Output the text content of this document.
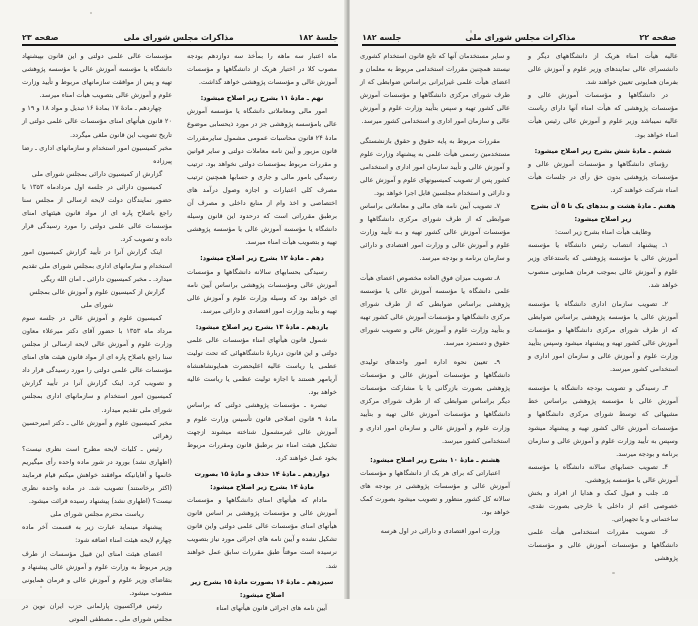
جلسهٔ ۱۸۲
مذاکرات مجلس شورای ملی
صفحه ۲۳

ماه اعتبار سه ماهه را بمأخذ سه دوازدهم بودجه مصوب کلا در اختیار هریک از دانشگاهها و مؤسسات آموزش عالی و مؤسسات پژوهشی خواهد گذاشت.

نهم ـ مادهٔ ۱۱ بشرح زیر اصلاح میشود:

امور مالی ومعاملاتی دانشگاه یا مؤسسه آموزش عالی یامؤسسه پژوهشی جز در مورد ذیحسابی موضوع مادهٔ ۲۴ قانون محاسبات عمومی مشمول سایرمقررات قانون مزبور و آیین نامه معاملات دولتی و سایر قوانین و مقررات مربوط بمؤسسات دولتی نخواهد بود. ترتیب رسیدگی بامور مالی و جاری و حسابها همچنین ترتیب مصرف کلی اعتبارات و اجازه وصول درآمد های اختصاصی و اخذ وام از منابع داخلی و مصرف آن برطبق مقرراتی است که درحدود این قانون وسیله دانشگاه یا مؤسسه آموزش عالی یا مؤسسه پژوهشی تهیه و بتصویب هیأت امناء میرسد.

دهم ـ مادهٔ ۱۲ بشرح زیر اصلاح میشود:

رسیدگی بحسابهای سالانه دانشگاهها و مؤسسات آموزش عالی ومؤسسات پژوهشی براساس آیین نامه ای خواهد بود که وسیله وزارت علوم و آموزش عالی تهیه و بتأیید وزارت امور اقتصادی و دارائی میرسد.

یازدهم ـ مادهٔ ۱۳ بشرح زیر اصلاح میشود:

شمول قانون هیأتهای امناء مؤسسات عالی علمی دولتی و این قانون دربارهٔ دانشگاههائی که تحت تولیت عظمی یا ریاست عالیه اعلیحضرت همایونشاهنشاه آریامهر هستند با اجازه تولیت عظمی یا ریاست عالیه خواهد بود.

تبصره ـ مؤسسات پژوهشی دولتی که براساس مادهٔ ۹ قانون اصلاحی قانون تأسیس وزارت علوم و آموزش عالی غیرمشمول شناخته میشوند ازجهت تشکیل هیئت امناء نیز برطبق قانون ومقررات مربوط بخود عمل خواهند کرد.

دوازدهم ـ مادهٔ ۱۴ حذف و مادهٔ ۱۵ بصورت مادهٔ ۱۴ بشرح زیر اصلاح میشود:

مادام که هیأتهای امنای دانشگاهها و مؤسسات آموزش عالی و مؤسسات پژوهشی بر اساس قانون هیأتهای امنای مؤسسات عالی علمی دولتی واین قانون تشکیل نشده و آیین نامه های اجرائی مورد نیاز بتصویب نرسیده است موقتاً طبق مقررات سابق عمل خواهند شد.

سیزدهم ـ مادهٔ ۱۶ بصورت مادهٔ ۱۵ بشرح زیر اصلاح میشود:

آیین نامه های اجرائی قانون هیأتهای امناء

مؤسسات عالی علمی دولتی و این قانون بپیشنهاد دانشگاه یا مؤسسه آموزش عالی یا مؤسسه پژوهشی تهیه و پس از موافقت سازمانهای مربوط و تأیید وزارت علوم و آموزش عالی بتصویب هیأت امناء میرسد.

چهاردهم ـ مادهٔ ۱۷ بمادهٔ ۱۶ تبدیل و مواد ۱۸ و ۱۹ و ۲۰ قانون هیأتهای امنای مؤسسات عالی علمی دولتی از تاریخ تصویب این قانون ملغی میگردد.

مخبر کمیسیون امور استخدام و سازمانهای اداری ـ رضا پیرزاده

گزارش از کمیسیون دارائی بمجلس شورای ملی

کمیسیون دارائی در جلسه اول مردادماه ۱۳۵۳ با حضور نمایندگان دولت لایحه ارسالی از مجلس سنا راجع باصلاح پاره ای از مواد قانون هیئتهای امنای مؤسسات عالی علمی دولتی را مورد رسیدگی قرار داده و تصویب کرد.

اینک گزارش آنرا در تأیید گزارش کمیسیون امور استخدام و سازمانهای اداری بمجلس شورای ملی تقدیم میدارد. ـ مخبر کمیسیون دارائی ـ امان الله ریگی

گزارش از کمیسیون علوم و آموزش عالی بمجلس شورای ملی

کمیسیون علوم و آموزش عالی در جلسه سوم مرداد ماه ۱۳۵۳ با حضور آقای دکتر میرعلاء معاون وزارت علوم و آموزش عالی لایحه ارسالی از مجلس سنا راجع باصلاح پاره ای از مواد قانون هیئت های امنای مؤسسات عالی علمی دولتی را مورد رسیدگی قرار داد و تصویب کرد. اینک گزارش آنرا در تأیید گزارش کمیسیون امور استخدام و سازمانهای اداری بمجلس شورای ملی تقدیم میدارد.

مخبر کمیسیون علوم و آموزش عالی ـ دکتر امیرحسین زهرائی

رئیس ـ کلیات لایحه مطرح است نظری نیست؟ (اظهاری نشد) بورود در شور ماده واحده رأی میگیریم خانمها و آقایانیکه موافقند خواهش میکنم قیام فرمایند (اکثر برخاستند) تصویب شد. در ماده واحده نظری نیست؟ (اظهاری نشد) پیشنهاد رسیده قرائت میشود.

ریاست محترم مجلس شورای ملی

پیشنهاد مینماید عبارت زیر به قسمت آخر ماده چهارم لایحه هیئت امناء اضافه شود:

اعضای هیئت امنای این قبیل مؤسسات از طرف وزیر مربوط به وزارت علوم و آموزش عالی پیشنهاد و بتقاضای وزیر علوم و آموزش عالی و فرمان همایونی منصوب میشود.

رئیس فراکسیون پارلمانی حزب ایران نوین در مجلس شورای ملی ـ مصطفی الموتی

صفحه ۲۲
مذاکرات مجلس شورای ملی
جلسه ۱۸۲

عالیه هیأت امناء هریک از دانشگاههای دیگر و دانشسرای عالی نمایندهای وزیر علوم و آموزش عالی بفرمان همایونی تعیین خواهند شد.

در دانشگاهها و مؤسسات آموزش عالی و مؤسسات پژوهشی که هیأت امناء آنها دارای ریاست عالیه نمیباشد وزیر علوم و آموزش عالی رئیس هیأت امناء خواهد بود.

ششم ـ مادهٔ شش بشرح زیر اصلاح میشود:

رؤسای دانشگاهها و مؤسسات آموزش عالی و مؤسسات پژوهشی بدون حق رأی در جلسات هیأت امناء شرکت خواهند کرد.

هفتم ـ مادهٔ هشت و بندهای یک تا ۵ آن بشرح زیر اصلاح میشود:

وظایف هیأت امناء بشرح زیر است:

۱ـ پیشنهاد انتصاب رئیس دانشگاه یا مؤسسه آموزش عالی یا مؤسسه پژوهشی که باستدعای وزیر علوم و آموزش عالی بموجب فرمان همایونی منصوب خواهد شد.

۲ـ تصویب سازمان اداری دانشگاه یا مؤسسه آموزش عالی یا مؤسسه پژوهشی براساس ضوابطی که از طرف شورای مرکزی دانشگاهها و مؤسسات آموزش عالی کشور تهیه و پیشنهاد میشود وسپس بتأیید وزارت علوم و آموزش عالی و سازمان امور اداری و استخدامی کشور میرسد.

۳ـ رسیدگی و تصویب بودجه دانشگاه یا مؤسسه آموزش عالی یا مؤسسه پژوهشی براساس خط مشیهائی که توسط شورای مرکزی دانشگاهها و مؤسسات آموزش عالی کشور تهیه و پیشنهاد میشود وسپس به تأیید وزارت علوم و آموزش عالی و سازمان برنامه و بودجه میرسد.

۴ـ تصویب حسابهای سالانه دانشگاه یا مؤسسه آموزش عالی یا مؤسسه پژوهشی.

۵ـ جلب و قبول کمک و هدایا از افراد و بخش خصوصی اعم از داخلی یا خارجی بصورت نقدی، ساختمانی و یا تجهیزاتی.

۶ـ تصویب مقررات استخدامی هیأت علمی دانشگاهها و مؤسسات آموزش عالی و مؤسسات پژوهشی

و سایر مستخدمان آنها که تابع قانون استخدام کشوری نیستند همچنین مقررات استخدامی مربوط به معلمان و اعضای هیأت علمی غیرایرانی براساس ضوابطی که از طرف شورای مرکزی دانشگاهها و مؤسسات آموزش عالی کشور تهیه و سپس بتأیید وزارت علوم و آموزش عالی و سازمان امور اداری و استخدامی کشور میرسد.

مقررات مربوط به پایه حقوق و حقوق بازنشستگی مستخدمین رسمی هیأت علمی به پیشنهاد وزارت علوم و آموزش عالی و تأیید سازمان امور اداری و استخدامی کشور پس از تصویب کمیسیونهای علوم و آموزش عالی و دارائی و استخدام مجلسین قابل اجرا خواهد بود.

۷ـ تصویب آیین نامه های مالی و معاملاتی براساس ضوابطی که از طرف شورای مرکزی دانشگاهها و مؤسسات آموزش عالی کشور تهیه و بـه تأیید وزارت علوم و آموزش عالی و وزارت امور اقتصادی و دارائی و سازمان برنامه و بودجه میرسد.

۸ـ تصویب میزان فوق العاده مخصوص اعضای هیأت علمی دانشگاه یا مؤسسه آموزش عالی یا مؤسسه پژوهشی براساس ضوابطی که از طرف شورای مرکزی دانشگاهها و مؤسسات آموزش عالی کشور تهیه و بتأیید وزارت علوم و آموزش عالی و تصویب شورای حقوق و دستمزد میرسد.

۹ـ تعیین نحوه اداره امور واحدهای تولیدی دانشگاهها و مؤسسات آموزش عالی و مؤسسات پژوهشی بصورت بازرگانی یا با مشارکت مؤسسات دیگر براساس ضوابطی که از طرف شورای مرکزی دانشگاهها و مؤسسات آموزش عالی تهیه و بتأیید وزارت علوم و آموزش عالی و سازمان امور اداری و استخدامی کشور میرسد.

هشتم ـ مادهٔ ۱۰ بشرح زیر اصلاح میشود:

اعتباراتی که برای هر یک از دانشگاهها و مؤسسات آموزش عالی و مؤسسات پژوهشی در بودجه های سالانه کل کشور منظور و تصویب میشود بصورت کمک خواهد بود.

وزارت امور اقتصادی و دارائی در اول هرسه
